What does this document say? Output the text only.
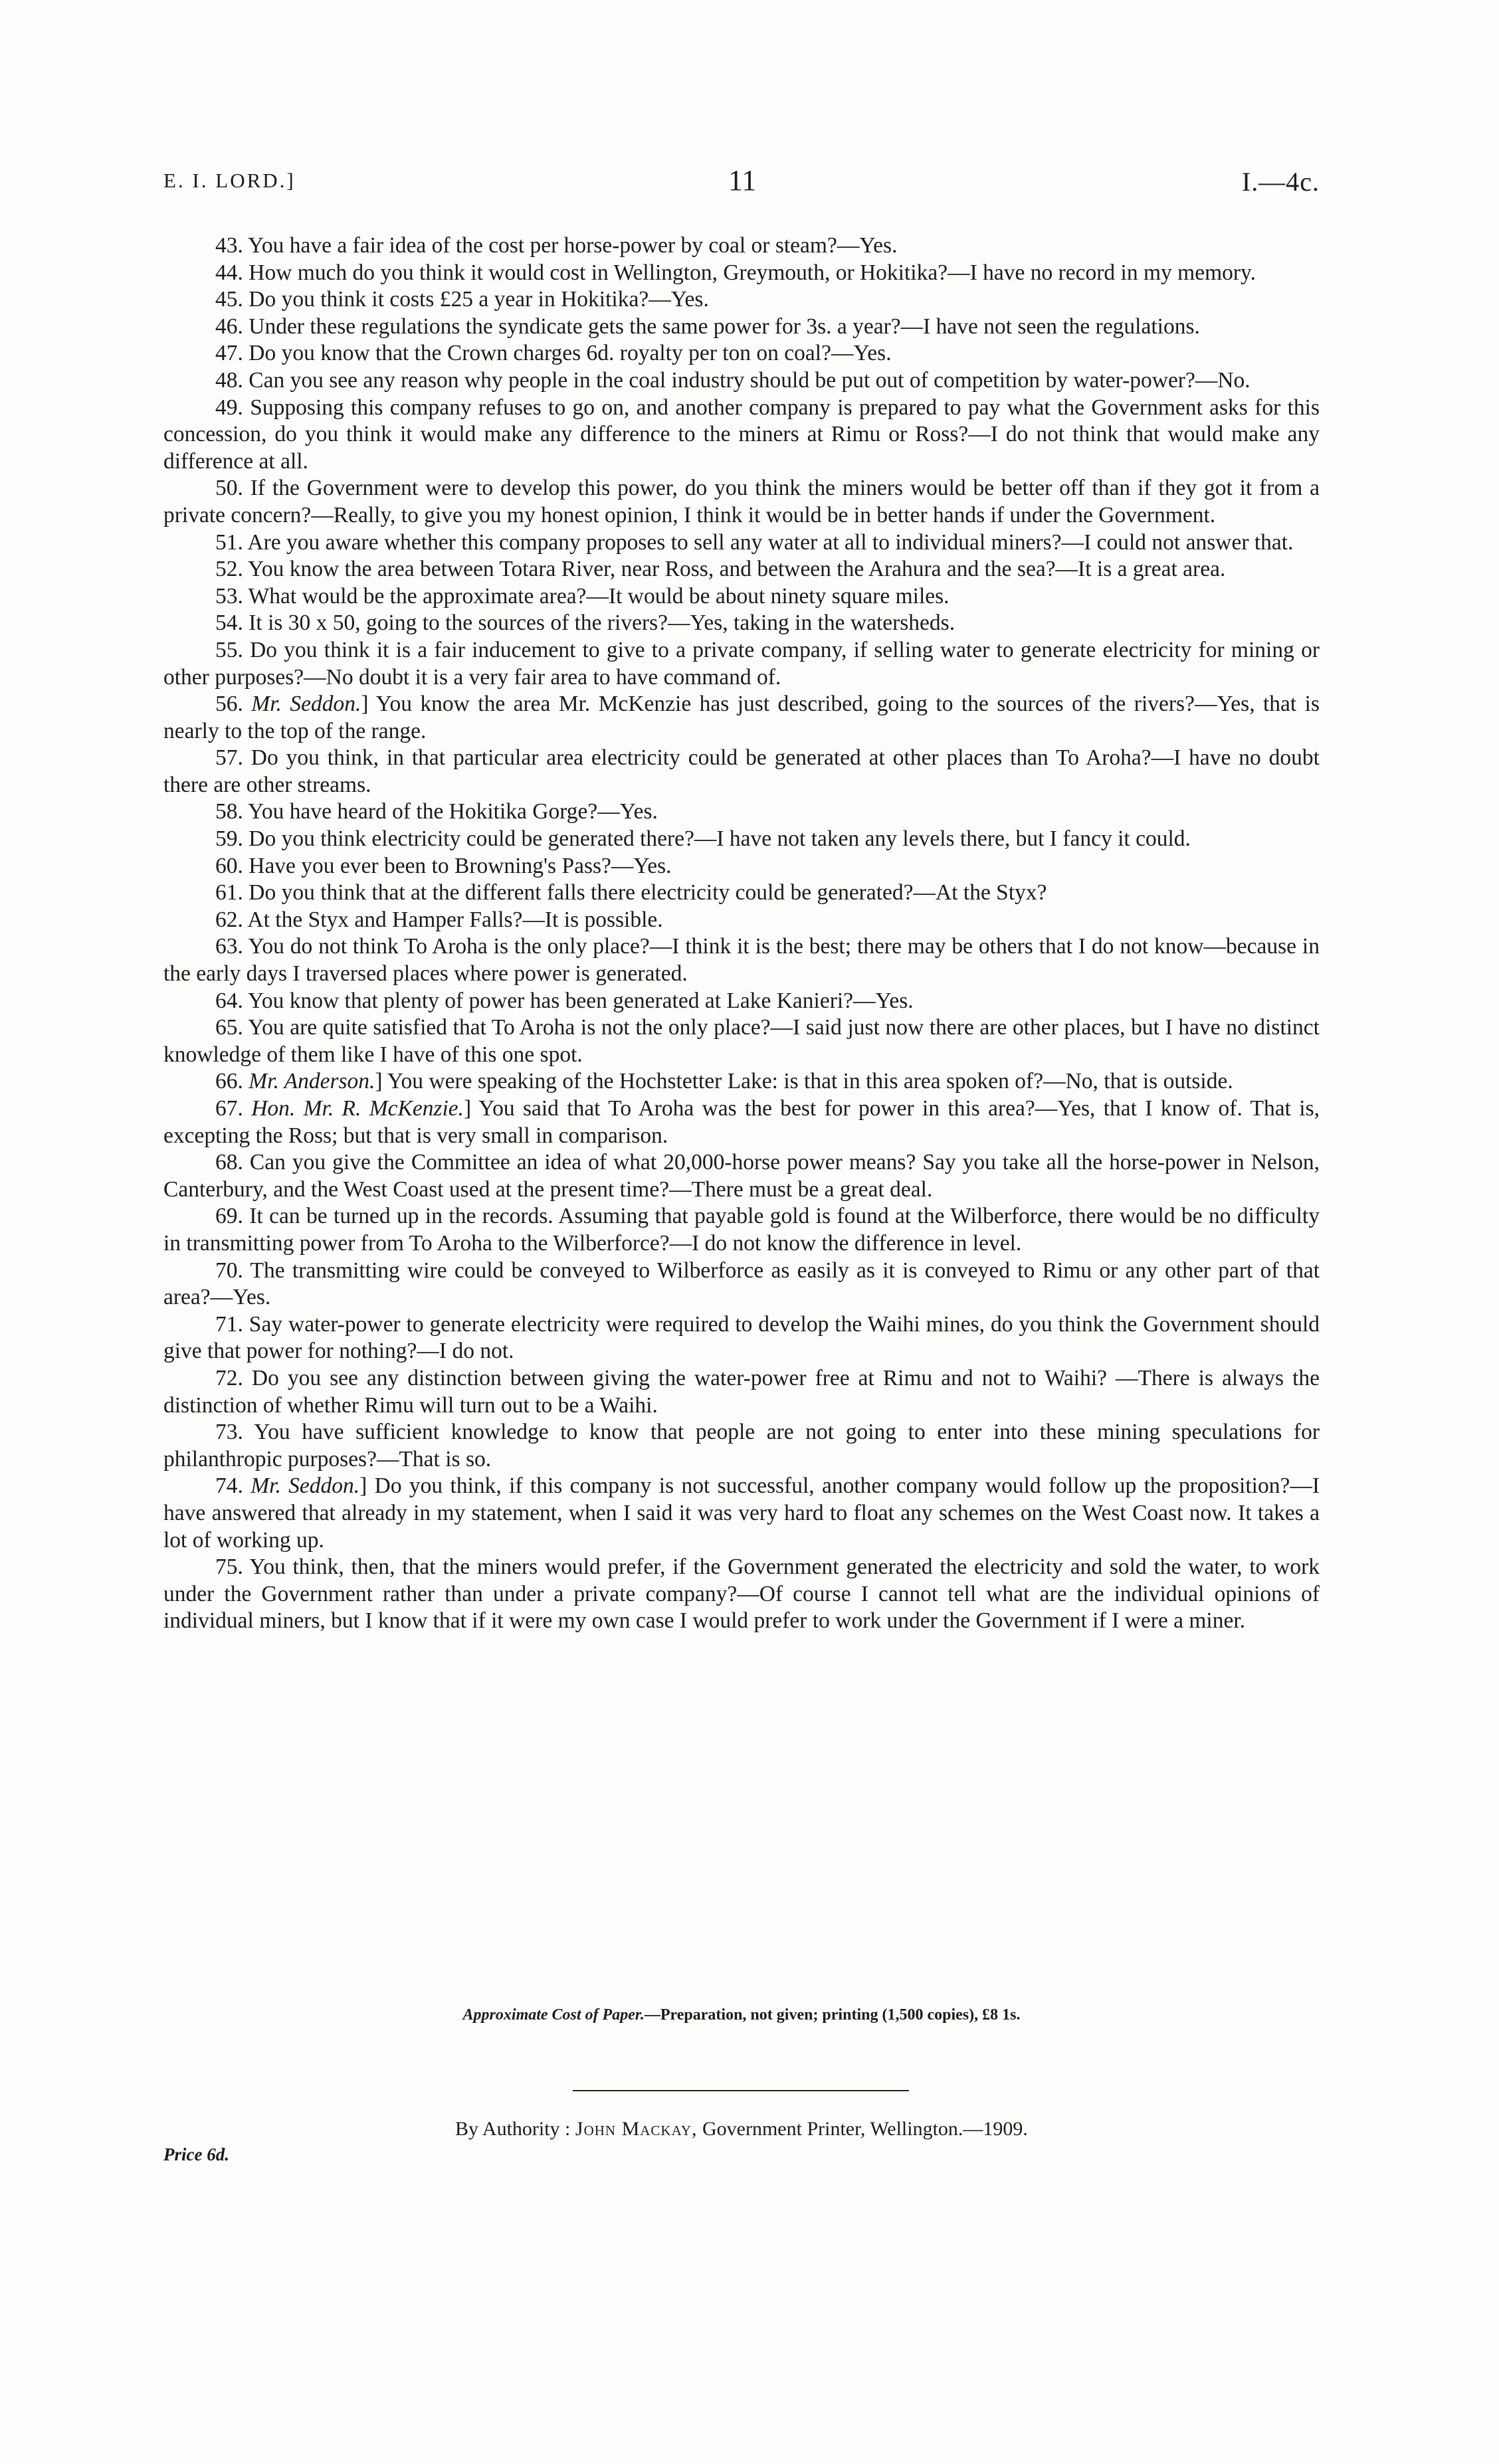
E. I. LORD.]	11	I.—4c.

43. You have a fair idea of the cost per horse-power by coal or steam?—Yes.

44. How much do you think it would cost in Wellington, Greymouth, or Hokitika?—I have no record in my memory.

45. Do you think it costs £25 a year in Hokitika?—Yes.

46. Under these regulations the syndicate gets the same power for 3s. a year?—I have not seen the regulations.

47. Do you know that the Crown charges 6d. royalty per ton on coal?—Yes.

48. Can you see any reason why people in the coal industry should be put out of competition by water-power?—No.

49. Supposing this company refuses to go on, and another company is prepared to pay what the Government asks for this concession, do you think it would make any difference to the miners at Rimu or Ross?—I do not think that would make any difference at all.

50. If the Government were to develop this power, do you think the miners would be better off than if they got it from a private concern?—Really, to give you my honest opinion, I think it would be in better hands if under the Government.

51. Are you aware whether this company proposes to sell any water at all to individual miners?—I could not answer that.

52. You know the area between Totara River, near Ross, and between the Arahura and the sea?—It is a great area.

53. What would be the approximate area?—It would be about ninety square miles.

54. It is 30 x 50, going to the sources of the rivers?—Yes, taking in the watersheds.

55. Do you think it is a fair inducement to give to a private company, if selling water to generate electricity for mining or other purposes?—No doubt it is a very fair area to have command of.

56. Mr. Seddon.] You know the area Mr. McKenzie has just described, going to the sources of the rivers?—Yes, that is nearly to the top of the range.

57. Do you think, in that particular area electricity could be generated at other places than To Aroha?—I have no doubt there are other streams.

58. You have heard of the Hokitika Gorge?—Yes.

59. Do you think electricity could be generated there?—I have not taken any levels there, but I fancy it could.

60. Have you ever been to Browning's Pass?—Yes.

61. Do you think that at the different falls there electricity could be generated?—At the Styx?

62. At the Styx and Hamper Falls?—It is possible.

63. You do not think To Aroha is the only place?—I think it is the best; there may be others that I do not know—because in the early days I traversed places where power is generated.

64. You know that plenty of power has been generated at Lake Kanieri?—Yes.

65. You are quite satisfied that To Aroha is not the only place?—I said just now there are other places, but I have no distinct knowledge of them like I have of this one spot.

66. Mr. Anderson.] You were speaking of the Hochstetter Lake: is that in this area spoken of?—No, that is outside.

67. Hon. Mr. R. McKenzie.] You said that To Aroha was the best for power in this area?—Yes, that I know of. That is, excepting the Ross; but that is very small in comparison.

68. Can you give the Committee an idea of what 20,000-horse power means? Say you take all the horse-power in Nelson, Canterbury, and the West Coast used at the present time?—There must be a great deal.

69. It can be turned up in the records. Assuming that payable gold is found at the Wilberforce, there would be no difficulty in transmitting power from To Aroha to the Wilberforce?—I do not know the difference in level.

70. The transmitting wire could be conveyed to Wilberforce as easily as it is conveyed to Rimu or any other part of that area?—Yes.

71. Say water-power to generate electricity were required to develop the Waihi mines, do you think the Government should give that power for nothing?—I do not.

72. Do you see any distinction between giving the water-power free at Rimu and not to Waihi? —There is always the distinction of whether Rimu will turn out to be a Waihi.

73. You have sufficient knowledge to know that people are not going to enter into these mining speculations for philanthropic purposes?—That is so.

74. Mr. Seddon.] Do you think, if this company is not successful, another company would follow up the proposition?—I have answered that already in my statement, when I said it was very hard to float any schemes on the West Coast now. It takes a lot of working up.

75. You think, then, that the miners would prefer, if the Government generated the electricity and sold the water, to work under the Government rather than under a private company?—Of course I cannot tell what are the individual opinions of individual miners, but I know that if it were my own case I would prefer to work under the Government if I were a miner.

Approximate Cost of Paper.—Preparation, not given; printing (1,500 copies), £8 1s.
By Authority : John Mackay, Government Printer, Wellington.—1909.
Price 6d.
